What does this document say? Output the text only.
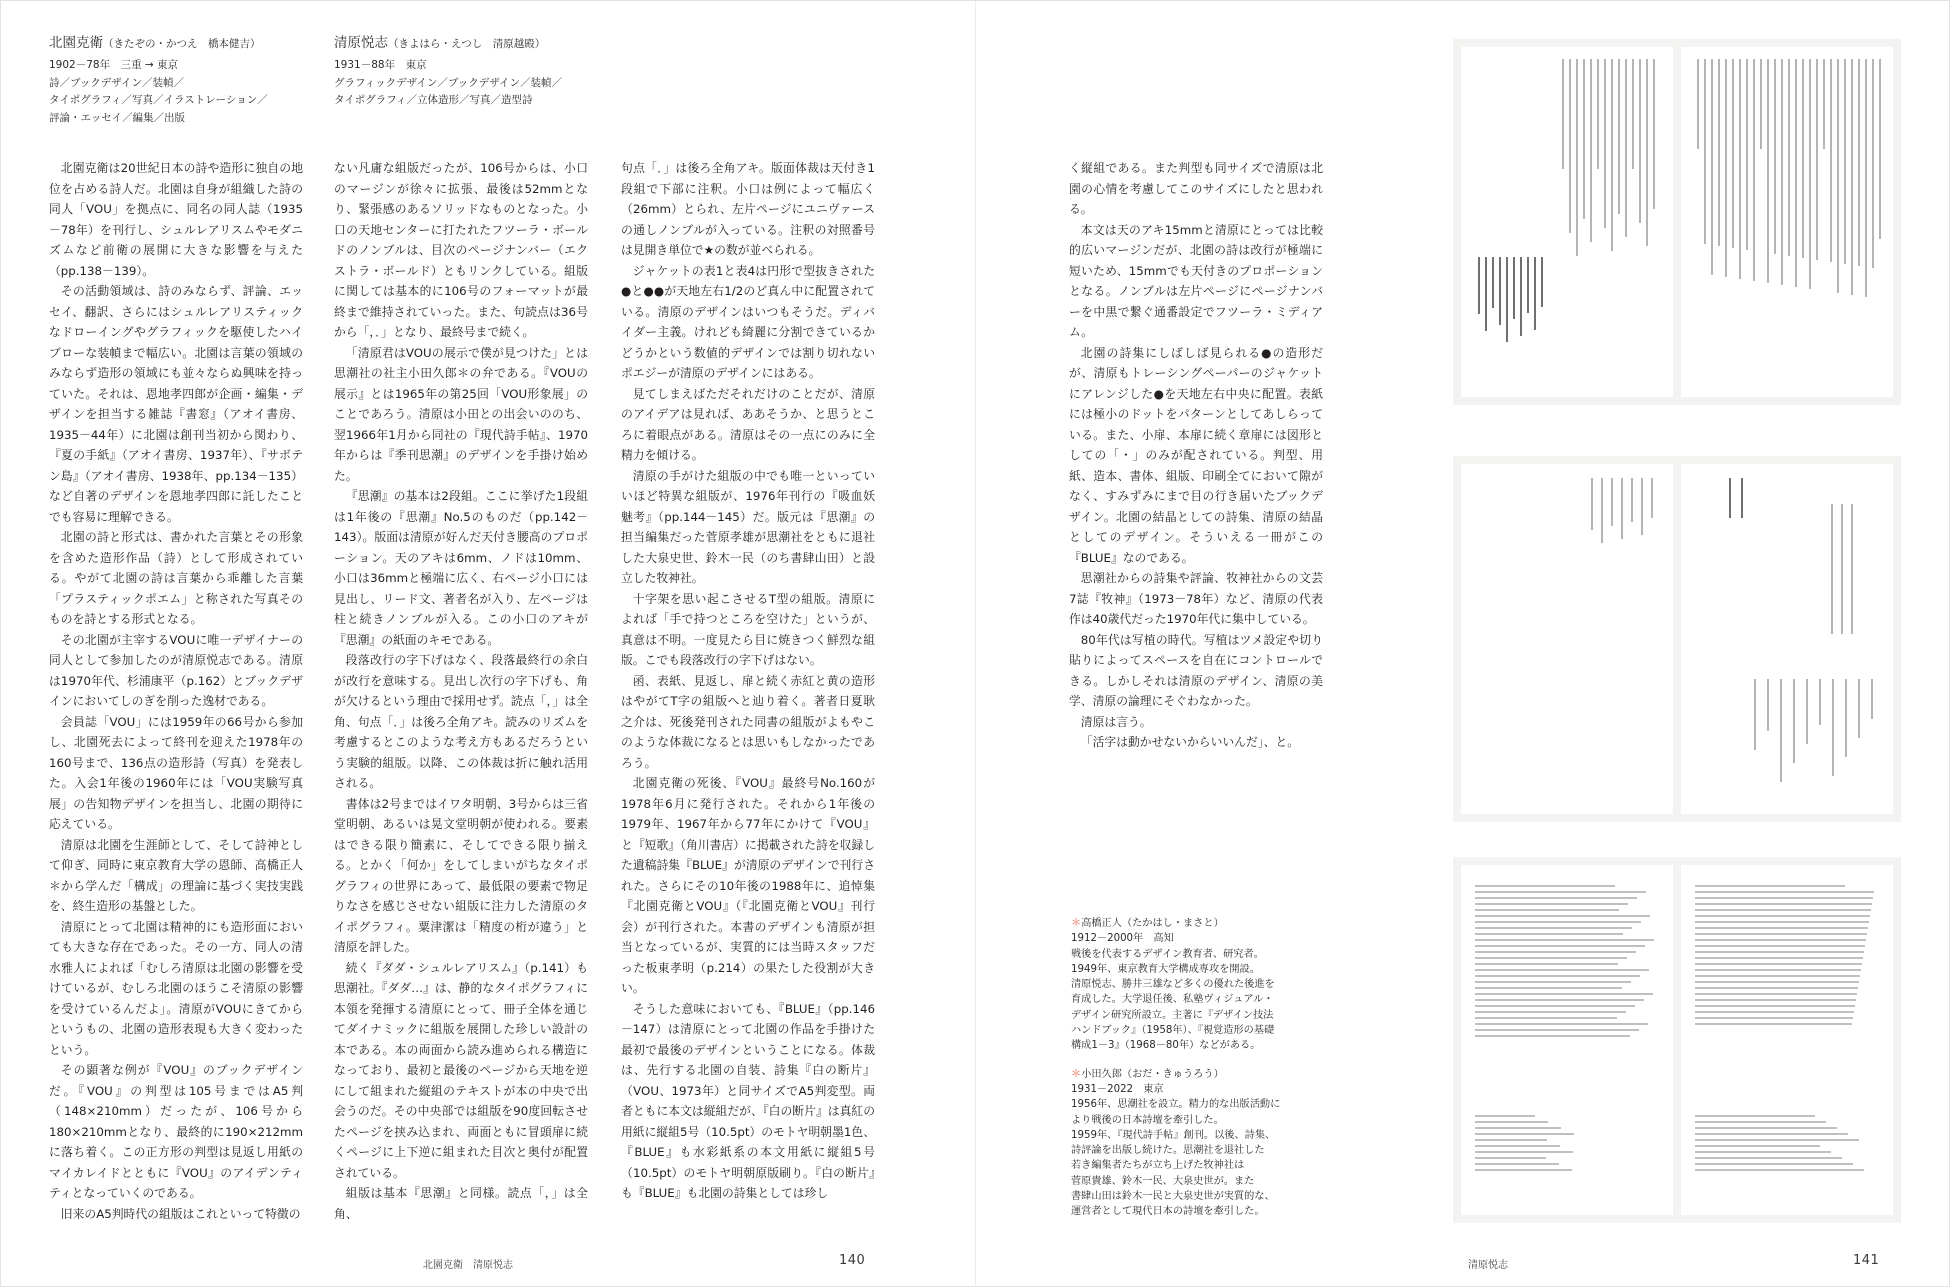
北園克衛（きたぞの・かつえ　橋本健吉）
1902－78年　三重 → 東京
詩／ブックデザイン／装幀／
タイポグラフィ／写真／イラストレーション／
評論・エッセイ／編集／出版
清原悦志（きよはら・えつし　清原越殿）
1931－88年　東京
グラフィックデザイン／ブックデザイン／装幀／
タイポグラフィ／立体造形／写真／造型詩

北園克衛は20世紀日本の詩や造形に独自の地位を占める詩人だ。北園は自身が組織した詩の同人「VOU」を拠点に、同名の同人誌（1935－78年）を刊行し、シュルレアリスムやモダニズムなど前衛の展開に大きな影響を与えた（pp.138－139）。

その活動領域は、詩のみならず、評論、エッセイ、翻訳、さらにはシュルレアリスティックなドローイングやグラフィックを駆使したハイブローな装幀まで幅広い。北園は言葉の領域のみならず造形の領域にも並々ならぬ興味を持っていた。それは、恩地孝四郎が企画・編集・デザインを担当する雑誌『書窓』（アオイ書房、1935－44年）に北園は創刊当初から関わり、『夏の手紙』（アオイ書房、1937年）、『サボテン島』（アオイ書房、1938年、pp.134－135）など自著のデザインを恩地孝四郎に託したことでも容易に理解できる。

北園の詩と形式は、書かれた言葉とその形象を含めた造形作品（詩）として形成されている。やがて北園の詩は言葉から乖離した言葉「プラスティックポエム」と称された写真そのものを詩とする形式となる。

その北園が主宰するVOUに唯一デザイナーの同人として参加したのが清原悦志である。清原は1970年代、杉浦康平（p.162）とブックデザインにおいてしのぎを削った逸材である。

会員誌「VOU」には1959年の66号から参加し、北園死去によって終刊を迎えた1978年の160号まで、136点の造形詩（写真）を発表した。入会1年後の1960年には「VOU実験写真展」の告知物デザインを担当し、北園の期待に応えている。

清原は北園を生涯師として、そして詩神として仰ぎ、同時に東京教育大学の恩師、高橋正人＊から学んだ「構成」の理論に基づく実技実践を、終生造形の基盤とした。

清原にとって北園は精神的にも造形面においても大きな存在であった。その一方、同人の清水雅人によれば「むしろ清原は北園の影響を受けているが、むしろ北園のほうこそ清原の影響を受けているんだよ」。清原がVOUにきてからというもの、北園の造形表現も大きく変わったという。

その顕著な例が『VOU』のブックデザインだ。『VOU』の判型は105号まではA5判（148×210mm）だったが、106号から180×210mmとなり、最終的に190×212mmに落ち着く。この正方形の判型は見返し用紙のマイカレイドとともに『VOU』のアイデンティティとなっていくのである。

旧来のA5判時代の組版はこれといって特徴の

ない凡庸な組版だったが、106号からは、小口のマージンが徐々に拡張、最後は52mmとなり、緊張感のあるソリッドなものとなった。小口の天地センターに打たれたフツーラ・ボールドのノンブルは、目次のページナンバー（エクストラ・ボールド）ともリンクしている。組版に関しては基本的に106号のフォーマットが最終まで維持されていった。また、句読点は36号から「，．」となり、最終号まで続く。

「清原君はVOUの展示で僕が見つけた」とは思潮社の社主小田久郎＊の弁である。『VOUの展示』とは1965年の第25回「VOU形象展」のことであろう。清原は小田との出会いののち、翌1966年1月から同社の『現代詩手帖』、1970年からは『季刊思潮』のデザインを手掛け始めた。

『思潮』の基本は2段組。ここに挙げた1段組は1年後の『思潮』No.5のものだ（pp.142－143）。版面は清原が好んだ天付き腰高のプロポーション。天のアキは6mm、ノドは10mm、小口は36mmと極端に広く、右ページ小口には見出し、リード文、著者名が入り、左ページは柱と続きノンブルが入る。この小口のアキが『思潮』の紙面のキモである。

段落改行の字下げはなく、段落最終行の余白が改行を意味する。見出し次行の字下げも、角が欠けるという理由で採用せず。読点「，」は全角、句点「．」は後ろ全角アキ。読みのリズムを考慮するとこのような考え方もあるだろうという実験的組版。以降、この体裁は折に触れ活用される。

書体は2号まではイワタ明朝、3号からは三省堂明朝、あるいは晃文堂明朝が使われる。要素はできる限り簡素に、そしてできる限り揃える。とかく「何か」をしてしまいがちなタイポグラフィの世界にあって、最低限の要素で物足りなさを感じさせない組版に注力した清原のタイポグラフィ。粟津潔は「精度の桁が違う」と清原を評した。

続く『ダダ・シュルレアリスム』（p.141）も思潮社。『ダダ…』は、静的なタイポグラフィに本領を発揮する清原にとって、冊子全体を通じてダイナミックに組版を展開した珍しい設計の本である。本の両面から読み進められる構造になっており、最初と最後のページから天地を逆にして組まれた縦組のテキストが本の中央で出会うのだ。その中央部では組版を90度回転させたページを挟み込まれ、両面ともに冒頭扉に続くページに上下逆に組まれた目次と奥付が配置されている。

組版は基本『思潮』と同様。読点「，」は全角、

句点「．」は後ろ全角アキ。版面体裁は天付き1段組で下部に注釈。小口は例によって幅広く（26mm）とられ、左片ページにユニヴァースの通しノンブルが入っている。注釈の対照番号は見開き単位で★の数が並べられる。

ジャケットの表1と表4は円形で型抜きされた●と●●が天地左右1/2のど真ん中に配置されている。清原のデザインはいつもそうだ。ディバイダー主義。けれども綺麗に分割できているかどうかという数値的デザインでは割り切れないポエジーが清原のデザインにはある。

見てしまえばただそれだけのことだが、清原のアイデアは見れば、ああそうか、と思うところに着眼点がある。清原はその一点にのみに全精力を傾ける。

清原の手がけた組版の中でも唯一といっていいほど特異な組版が、1976年刊行の『吸血妖魅考』（pp.144－145）だ。版元は『思潮』の担当編集だった菅原孝雄が思潮社をともに退社した大泉史世、鈴木一民（のち書肆山田）と設立した牧神社。

十字架を思い起こさせるT型の組版。清原によれば「手で持つところを空けた」というが、真意は不明。一度見たら目に焼きつく鮮烈な組版。こでも段落改行の字下げはない。

函、表紙、見返し、扉と続く赤紅と黄の造形はやがてT字の組版へと辿り着く。著者日夏耿之介は、死後発刊された同書の組版がよもやこのような体裁になるとは思いもしなかったであろう。

北園克衛の死後、『VOU』最終号No.160が1978年6月に発行された。それから1年後の1979年、1967年から77年にかけて『VOU』と『短歌』（角川書店）に掲載された詩を収録した遺稿詩集『BLUE』が清原のデザインで刊行された。さらにその10年後の1988年に、追悼集『北園克衛とVOU』（『北園克衛とVOU』刊行会）が刊行された。本書のデザインも清原が担当となっているが、実質的には当時スタッフだった板東孝明（p.214）の果たした役割が大きい。

そうした意味においても、『BLUE』（pp.146－147）は清原にとって北園の作品を手掛けた最初で最後のデザインということになる。体裁は、先行する北園の自装、詩集『白の断片』（VOU、1973年）と同サイズでA5判変型。両者ともに本文は縦組だが、『白の断片』は真紅の用紙に縦組5号（10.5pt）のモトヤ明朝墨1色、『BLUE』も水彩紙系の本文用紙に縦組5号（10.5pt）のモトヤ明朝原版刷り。『白の断片』も『BLUE』も北園の詩集としては珍し

く縦組である。また判型も同サイズで清原は北園の心情を考慮してこのサイズにしたと思われる。

本文は天のアキ15mmと清原にとっては比較的広いマージンだが、北園の詩は改行が極端に短いため、15mmでも天付きのプロポーションとなる。ノンブルは左片ページにページナンバーを中黒で繋ぐ通番設定でフツーラ・ミディアム。

北園の詩集にしばしば見られる●の造形だが、清原もトレーシングペーパーのジャケットにアレンジした●を天地左右中央に配置。表紙には極小のドットをパターンとしてあしらっている。また、小扉、本扉に続く章扉には図形としての「・」のみが配されている。判型、用紙、造本、書体、組版、印刷全てにおいて隙がなく、すみずみにまで目の行き届いたブックデザイン。北園の結晶としての詩集、清原の結晶としてのデザイン。そういえる一冊がこの『BLUE』なのである。

思潮社からの詩集や評論、牧神社からの文芸7誌『牧神』（1973－78年）など、清原の代表作は40歳代だった1970年代に集中している。

80年代は写植の時代。写植はツメ設定や切り貼りによってスペースを自在にコントロールできる。しかしそれは清原のデザイン、清原の美学、清原の論理にそぐわなかった。

清原は言う。

「活字は動かせないからいいんだ」、と。

＊高橋正人（たかはし・まさと）
1912－2000年　高知
戦後を代表するデザイン教育者、研究者。
1949年、東京教育大学構成専攻を開設。
清原悦志、勝井三雄など多くの優れた後進を
育成した。大学退任後、私塾ヴィジュアル・
デザイン研究所設立。主著に『デザイン技法
ハンドブック』（1958年）、『視覚造形の基礎
構成1－3』（1968－80年）などがある。
＊小田久郎（おだ・きゅうろう）
1931－2022　東京
1956年、思潮社を設立。精力的な出版活動に
より戦後の日本詩壇を牽引した。
1959年、『現代詩手帖』創刊。以後、詩集、
詩評論を出版し続けた。思潮社を退社した
若き編集者たちが立ち上げた牧神社は
菅原貴雄、鈴木一民、大泉史世が。また
書肆山田は鈴木一民と大泉史世が実質的な、
運営者として現代日本の詩壇を牽引した。
北園克衛　清原悦志	140	清原悦志	141
